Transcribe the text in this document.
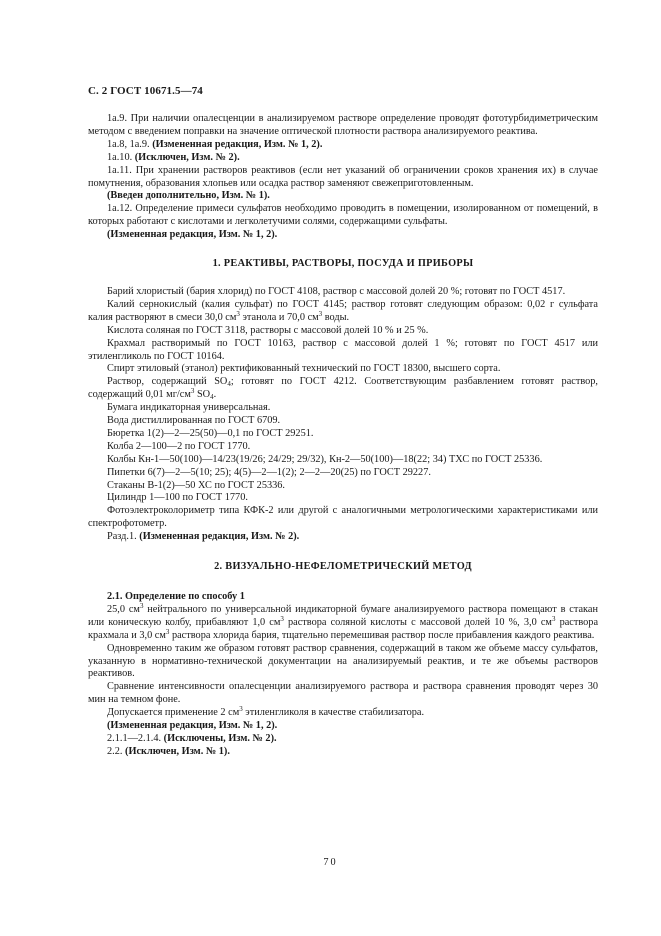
С. 2 ГОСТ 10671.5—74

1а.9. При наличии опалесценции в анализируемом растворе определение проводят фототурбидиметрическим методом с введением поправки на значение оптической плотности раствора анализируемого реактива.

1а.8, 1а.9. (Измененная редакция, Изм. № 1, 2).

1а.10. (Исключен, Изм. № 2).

1а.11. При хранении растворов реактивов (если нет указаний об ограничении сроков хранения их) в случае помутнения, образования хлопьев или осадка раствор заменяют свежеприготовленным.

(Введен дополнительно, Изм. № 1).

1а.12. Определение примеси сульфатов необходимо проводить в помещении, изолированном от помещений, в которых работают с кислотами и легколетучими солями, содержащими сульфаты.

(Измененная редакция, Изм. № 1, 2).

1. РЕАКТИВЫ, РАСТВОРЫ, ПОСУДА И ПРИБОРЫ

Барий хлористый (бария хлорид) по ГОСТ 4108, раствор с массовой долей 20 %; готовят по ГОСТ 4517.

Калий сернокислый (калия сульфат) по ГОСТ 4145; раствор готовят следующим образом: 0,02 г сульфата калия растворяют в смеси 30,0 $см^3$ этанола и 70,0 $см^3$ воды.

Кислота соляная по ГОСТ 3118, растворы с массовой долей 10 % и 25 %.

Крахмал растворимый по ГОСТ 10163, раствор с массовой долей 1 %; готовят по ГОСТ 4517 или этиленгликоль по ГОСТ 10164.

Спирт этиловый (этанол) ректификованный технический по ГОСТ 18300, высшего сорта.

Раствор, содержащий $SO_4$; готовят по ГОСТ 4212. Соответствующим разбавлением готовят раствор, содержащий 0,01 $мг/см^3$ $SO_4$.

Бумага индикаторная универсальная.

Вода дистиллированная по ГОСТ 6709.

Бюретка 1(2)—2—25(50)—0,1 по ГОСТ 29251.

Колба 2—100—2 по ГОСТ 1770.

Колбы Кн-1—50(100)—14/23(19/26; 24/29; 29/32), Кн-2—50(100)—18(22; 34) ТХС по ГОСТ 25336.

Пипетки 6(7)—2—5(10; 25); 4(5)—2—1(2); 2—2—20(25) по ГОСТ 29227.

Стаканы В-1(2)—50 ХС по ГОСТ 25336.

Цилиндр 1—100 по ГОСТ 1770.

Фотоэлектроколориметр типа КФК-2 или другой с аналогичными метрологическими характеристиками или спектрофотометр.

Разд.1. (Измененная редакция, Изм. № 2).

2. ВИЗУАЛЬНО-НЕФЕЛОМЕТРИЧЕСКИЙ МЕТОД
2.1. Определение по способу 1

25,0 $см^3$ нейтрального по универсальной индикаторной бумаге анализируемого раствора помещают в стакан или коническую колбу, прибавляют 1,0 $см^3$ раствора соляной кислоты с массовой долей 10 %, 3,0 $см^3$ раствора крахмала и 3,0 $см^3$ раствора хлорида бария, тщательно перемешивая раствор после прибавления каждого реактива.

Одновременно таким же образом готовят раствор сравнения, содержащий в таком же объеме массу сульфатов, указанную в нормативно-технической документации на анализируемый реактив, и те же объемы растворов реактивов.

Сравнение интенсивности опалесценции анализируемого раствора и раствора сравнения проводят через 30 мин на темном фоне.

Допускается применение 2 $см^3$ этиленгликоля в качестве стабилизатора.

(Измененная редакция, Изм. № 1, 2).

2.1.1—2.1.4. (Исключены, Изм. № 2).

2.2. (Исключен, Изм. № 1).

70
